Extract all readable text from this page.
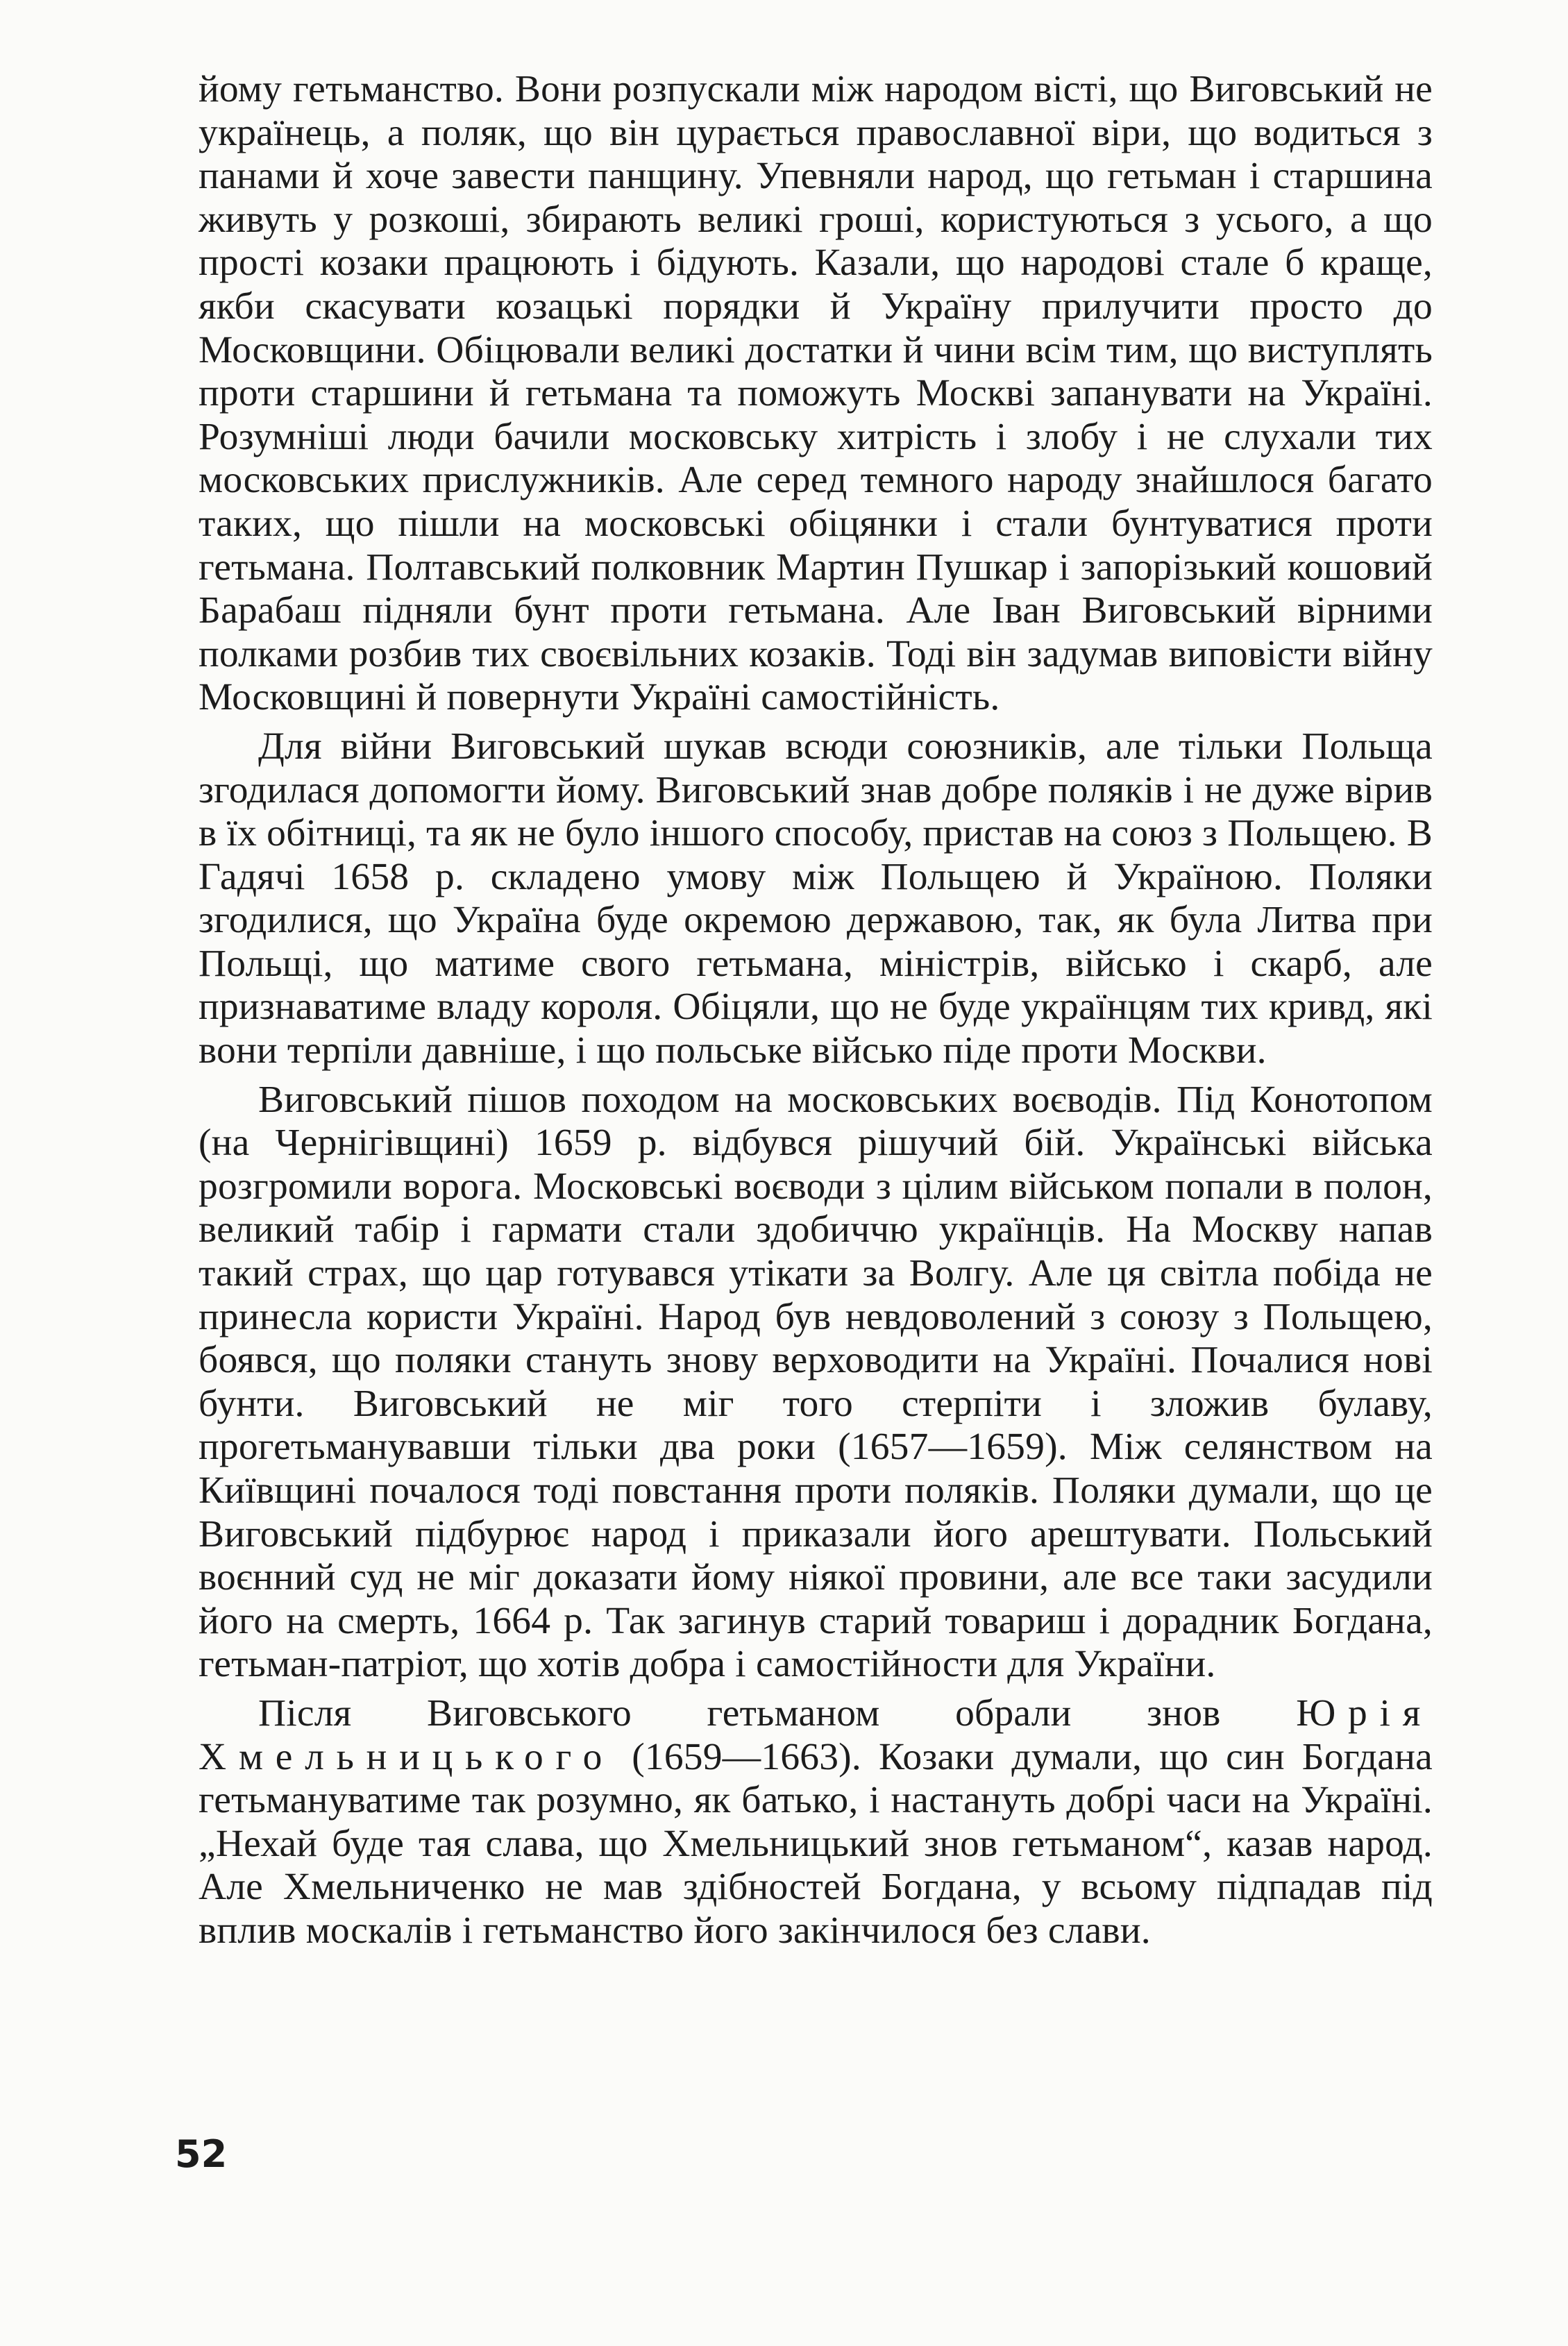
йому гетьманство. Вони розпускали між народом вісті, що Виговський не українець, а поляк, що він цурається православної віри, що водиться з панами й хоче завести панщину. Упевняли народ, що гетьман і старшина живуть у розкоші, збирають великі гроші, користуються з усього, а що прості козаки працюють і бідують. Казали, що народові стале б краще, якби скасувати козацькі порядки й Україну прилучити просто до Московщини. Обіцювали великі достатки й чини всім тим, що виступлять проти старшини й гетьмана та поможуть Москві запанувати на Україні. Розумніші люди бачили московську хитрість і злобу і не слухали тих московських прислужників. Але серед темного народу знайшлося багато таких, що пішли на московські обіцянки і стали бунтуватися проти гетьмана. Полтавський полковник Мартин Пушкар і запорізький кошовий Барабаш підняли бунт проти гетьмана. Але Іван Виговський вірними полками розбив тих своєвільних козаків. Тоді він задумав виповісти війну Московщині й повернути Україні самостійність.

Для війни Виговський шукав всюди союзників, але тільки Польща згодилася допомогти йому. Виговський знав добре поляків і не дуже вірив в їх обітниці, та як не було іншого способу, пристав на союз з Польщею. В Гадячі 1658 р. складено умову між Польщею й Україною. Поляки згодилися, що Україна буде окремою державою, так, як була Литва при Польщі, що матиме свого гетьмана, міністрів, військо і скарб, але признаватиме владу короля. Обіцяли, що не буде українцям тих кривд, які вони терпіли давніше, і що польське військо піде проти Москви.

Виговський пішов походом на московських воєводів. Під Конотопом (на Чернігівщині) 1659 р. відбувся рішучий бій. Українські війська розгромили ворога. Московські воєводи з цілим військом попали в полон, великий табір і гармати стали здобиччю українців. На Москву напав такий страх, що цар готувався утікати за Волгу. Але ця світла побіда не принесла користи Україні. Народ був невдоволений з союзу з Польщею, боявся, що поляки стануть знову верховодити на Україні. Почалися нові бунти. Виговський не міг того стерпіти і зложив булаву, прогетьманувавши тільки два роки (1657—1659). Між селянством на Київщині почалося тоді повстання проти поляків. Поляки думали, що це Виговський підбурює народ і приказали його арештувати. Польський воєнний суд не міг доказати йому ніякої провини, але все таки засудили його на смерть, 1664 р. Так загинув старий товариш і дорадник Богдана, гетьман-патріот, що хотів добра і самостійности для України.

Після Виговського гетьманом обрали знов Юрія Хмельницького (1659—1663). Козаки думали, що син Богдана гетьмануватиме так розумно, як батько, і настануть добрі часи на Україні. „Нехай буде тая слава, що Хмельницький знов гетьманом“, казав народ. Але Хмельниченко не мав здібностей Богдана, у всьому підпадав під вплив москалів і гетьманство його закінчилося без слави.

52
